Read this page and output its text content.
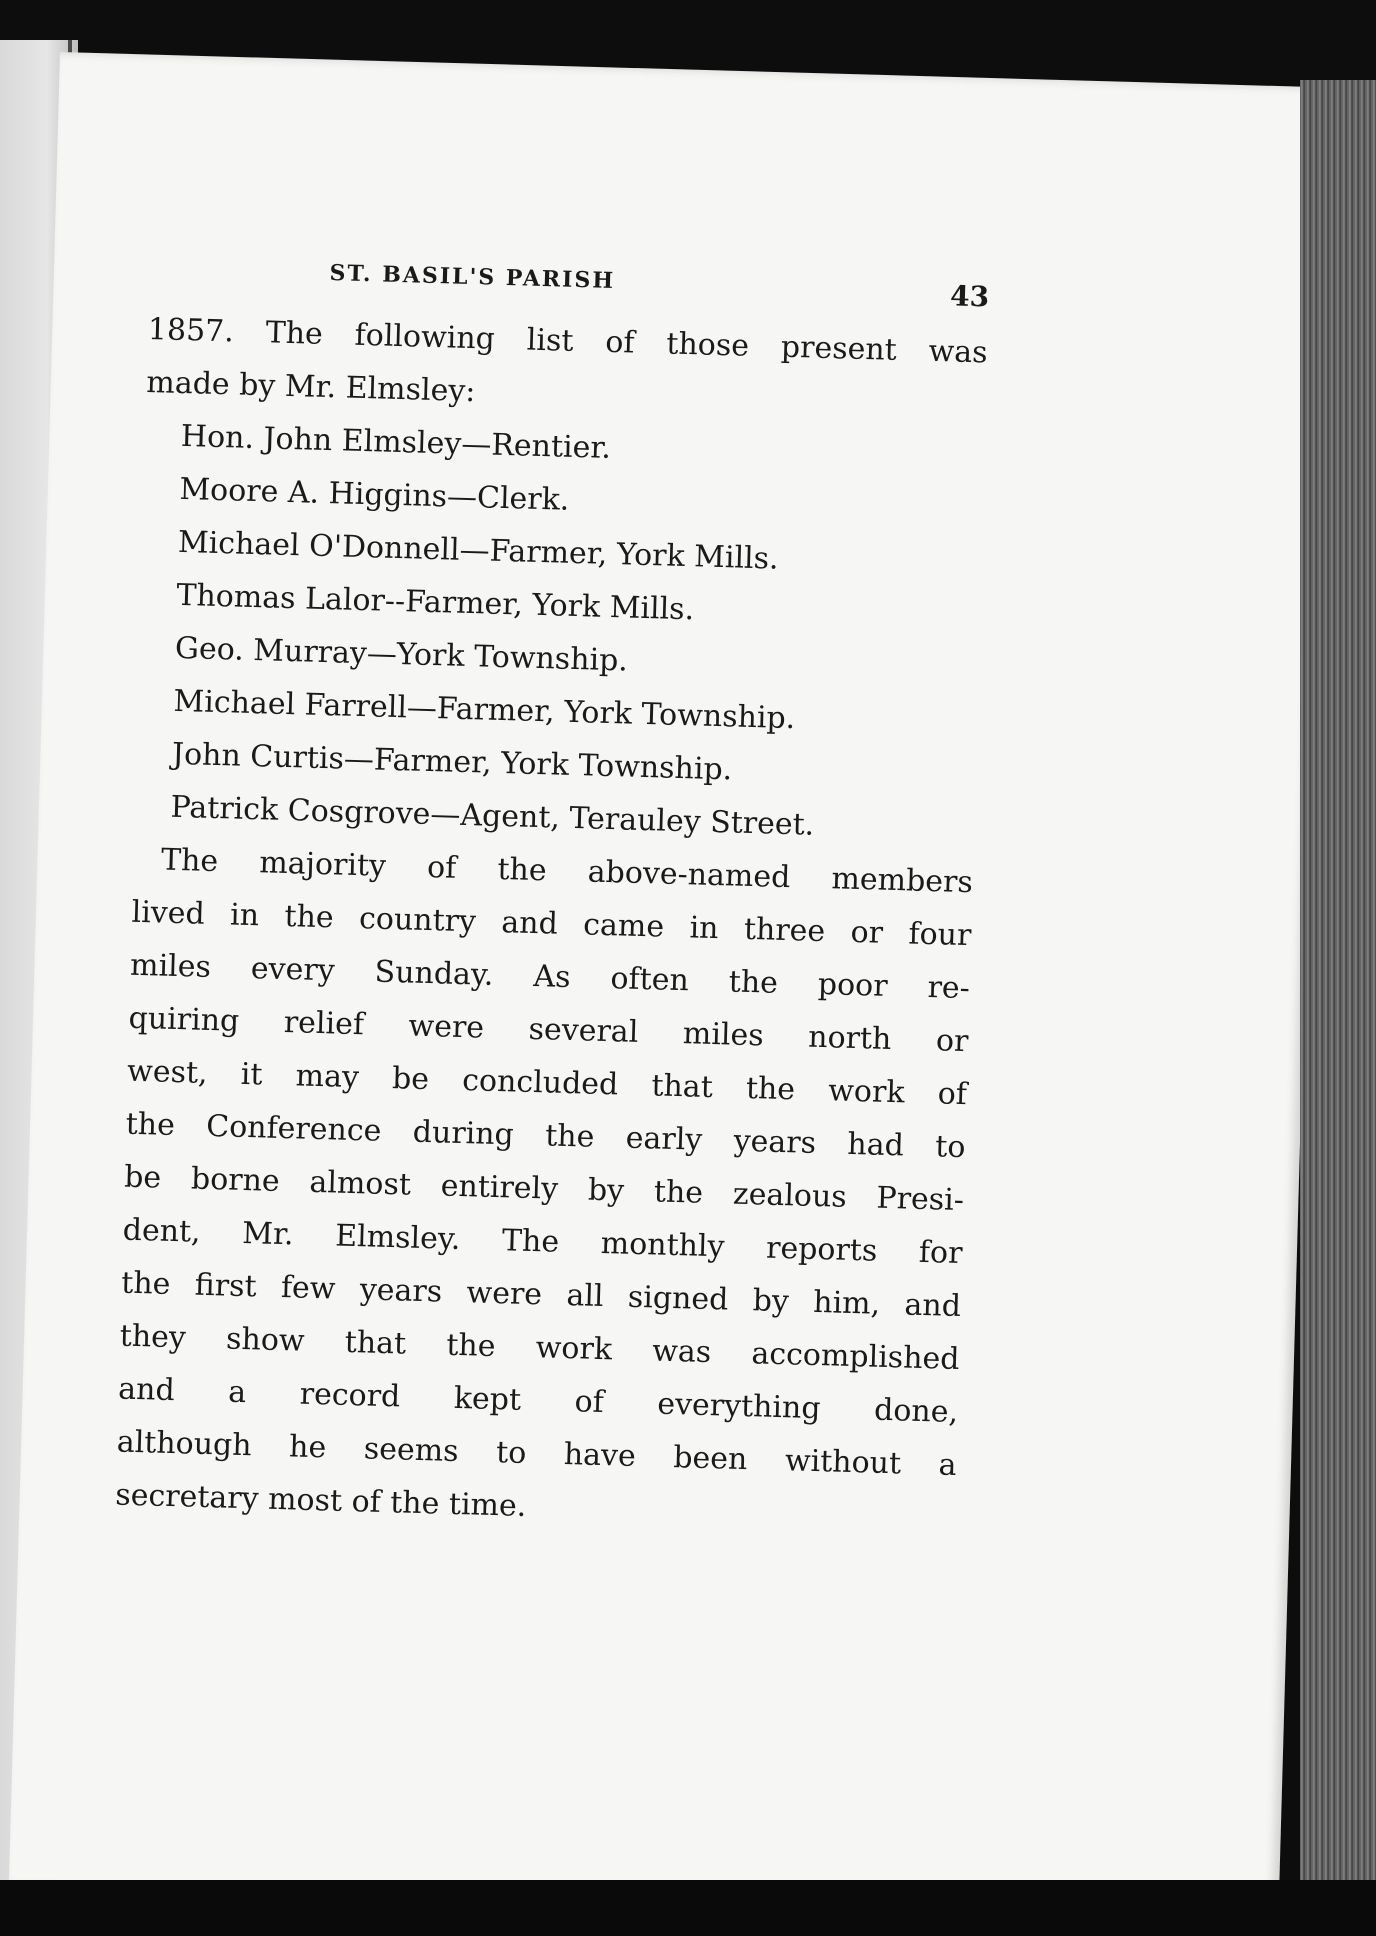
ST. BASIL'S PARISH
43
1857. The following list of those present was
made by Mr. Elmsley:
Hon. John Elmsley—Rentier.
Moore A. Higgins—Clerk.
Michael O'Donnell—Farmer, York Mills.
Thomas Lalor--Farmer, York Mills.
Geo. Murray—York Township.
Michael Farrell—Farmer, York Township.
John Curtis—Farmer, York Township.
Patrick Cosgrove—Agent, Terauley Street.
The majority of the above-named members
lived in the country and came in three or four
miles every Sunday. As often the poor re-
quiring relief were several miles north or
west, it may be concluded that the work of
the Conference during the early years had to
be borne almost entirely by the zealous Presi-
dent, Mr. Elmsley. The monthly reports for
the first few years were all signed by him, and
they show that the work was accomplished
and a record kept of everything done,
although he seems to have been without a
secretary most of the time.
